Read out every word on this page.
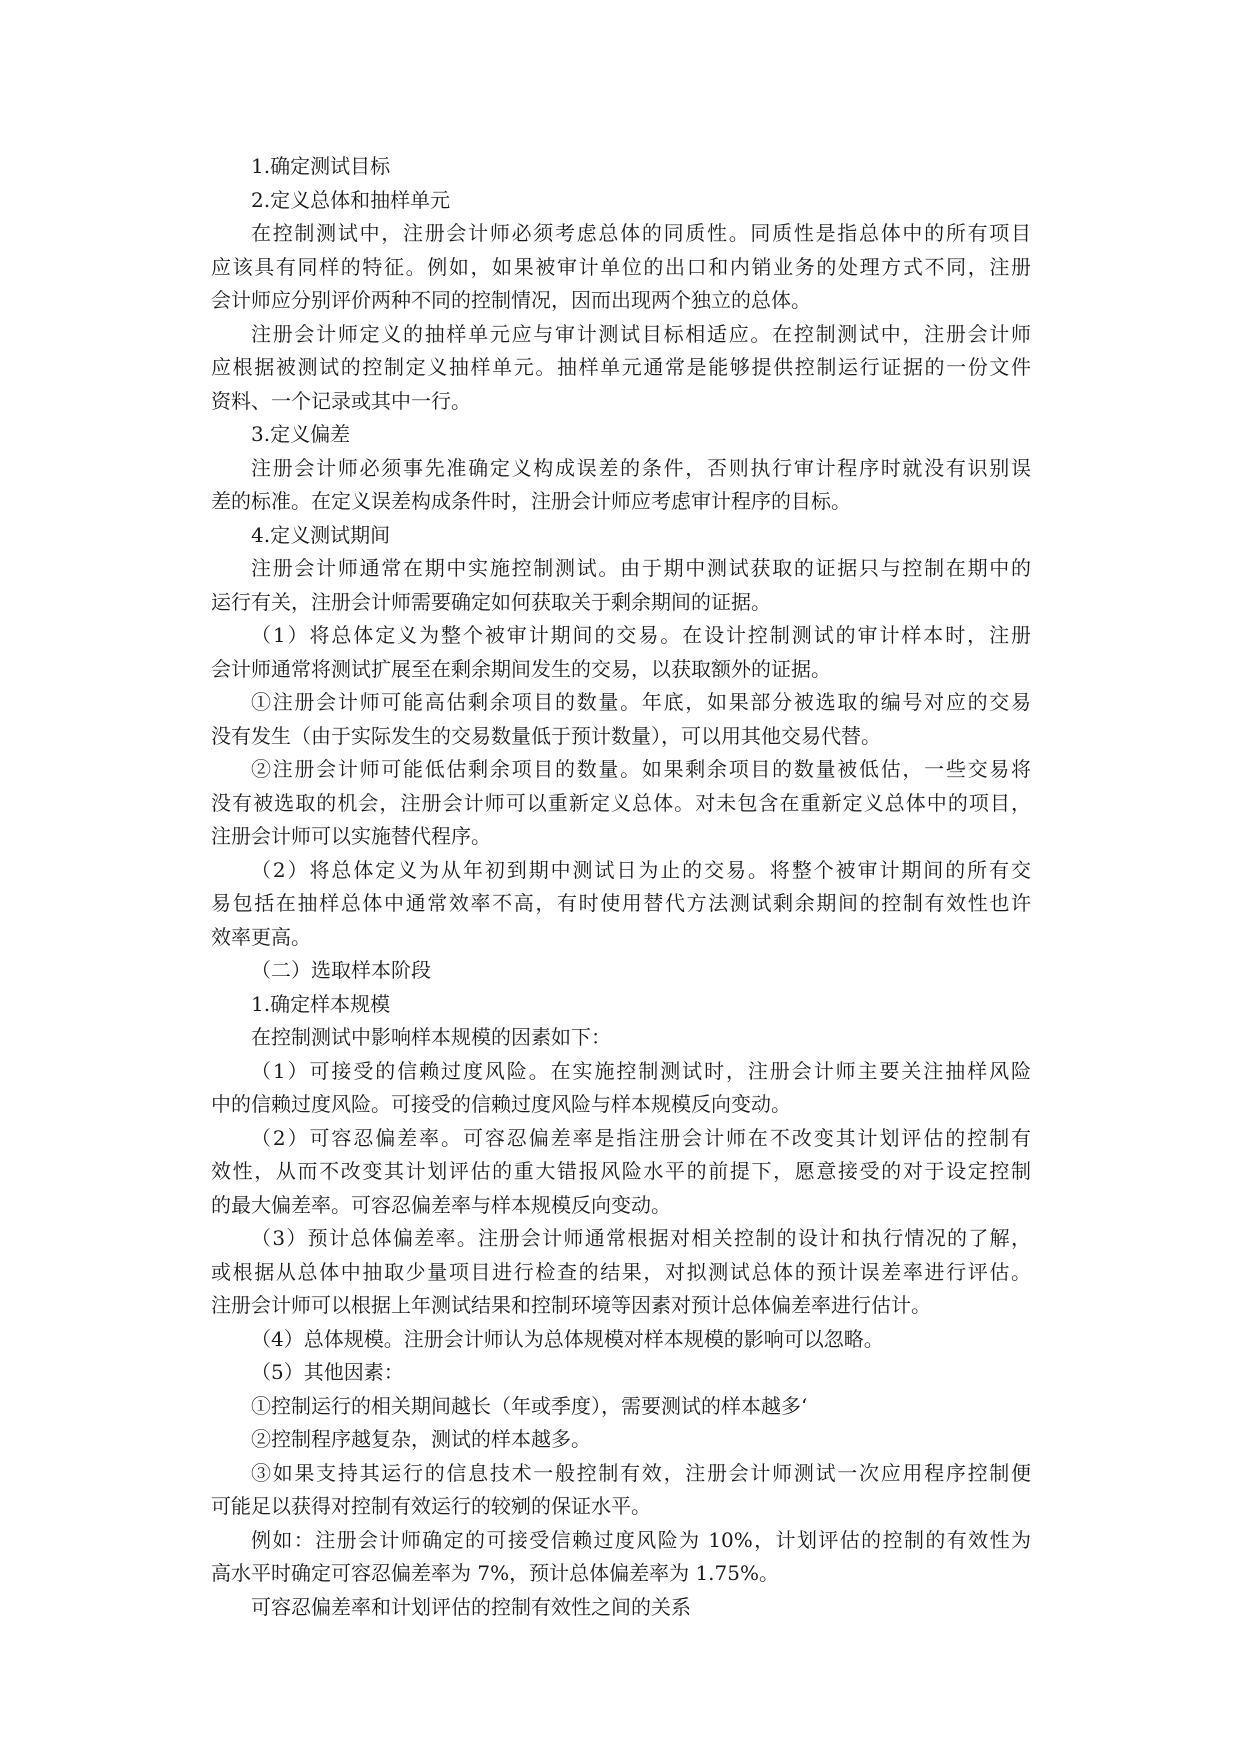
1.确定测试目标
2.定义总体和抽样单元
在控制测试中，注册会计师必须考虑总体的同质性。同质性是指总体中的所有项目
应该具有同样的特征。例如，如果被审计单位的出口和内销业务的处理方式不同，注册
会计师应分别评价两种不同的控制情况，因而出现两个独立的总体。
注册会计师定义的抽样单元应与审计测试目标相适应。在控制测试中，注册会计师
应根据被测试的控制定义抽样单元。抽样单元通常是能够提供控制运行证据的一份文件
资料、一个记录或其中一行。
3.定义偏差
注册会计师必须事先准确定义构成误差的条件，否则执行审计程序时就没有识别误
差的标准。在定义误差构成条件时，注册会计师应考虑审计程序的目标。
4.定义测试期间
注册会计师通常在期中实施控制测试。由于期中测试获取的证据只与控制在期中的
运行有关，注册会计师需要确定如何获取关于剩余期间的证据。
（1）将总体定义为整个被审计期间的交易。在设计控制测试的审计样本时，注册
会计师通常将测试扩展至在剩余期间发生的交易，以获取额外的证据。
①注册会计师可能高估剩余项目的数量。年底，如果部分被选取的编号对应的交易
没有发生（由于实际发生的交易数量低于预计数量），可以用其他交易代替。
②注册会计师可能低估剩余项目的数量。如果剩余项目的数量被低估，一些交易将
没有被选取的机会，注册会计师可以重新定义总体。对未包含在重新定义总体中的项目，
注册会计师可以实施替代程序。
（2）将总体定义为从年初到期中测试日为止的交易。将整个被审计期间的所有交
易包括在抽样总体中通常效率不高，有时使用替代方法测试剩余期间的控制有效性也许
效率更高。
（二）选取样本阶段
1.确定样本规模
在控制测试中影响样本规模的因素如下：
（1）可接受的信赖过度风险。在实施控制测试时，注册会计师主要关注抽样风险
中的信赖过度风险。可接受的信赖过度风险与样本规模反向变动。
（2）可容忍偏差率。可容忍偏差率是指注册会计师在不改变其计划评估的控制有
效性，从而不改变其计划评估的重大错报风险水平的前提下，愿意接受的对于设定控制
的最大偏差率。可容忍偏差率与样本规模反向变动。
（3）预计总体偏差率。注册会计师通常根据对相关控制的设计和执行情况的了解，
或根据从总体中抽取少量项目进行检查的结果，对拟测试总体的预计误差率进行评估。
注册会计师可以根据上年测试结果和控制环境等因素对预计总体偏差率进行估计。
（4）总体规模。注册会计师认为总体规模对样本规模的影响可以忽略。
（5）其他因素：
①控制运行的相关期间越长（年或季度），需要测试的样本越多‘
②控制程序越复杂，测试的样本越多。
③如果支持其运行的信息技术一般控制有效，注册会计师测试一次应用程序控制便
可能足以获得对控制有效运行的较剜的保证水平。
例如：注册会计师确定的可接受信赖过度风险为 10%，计划评估的控制的有效性为
高水平时确定可容忍偏差率为 7%，预计总体偏差率为 1.75%。
可容忍偏差率和计划评估的控制有效性之间的关系
